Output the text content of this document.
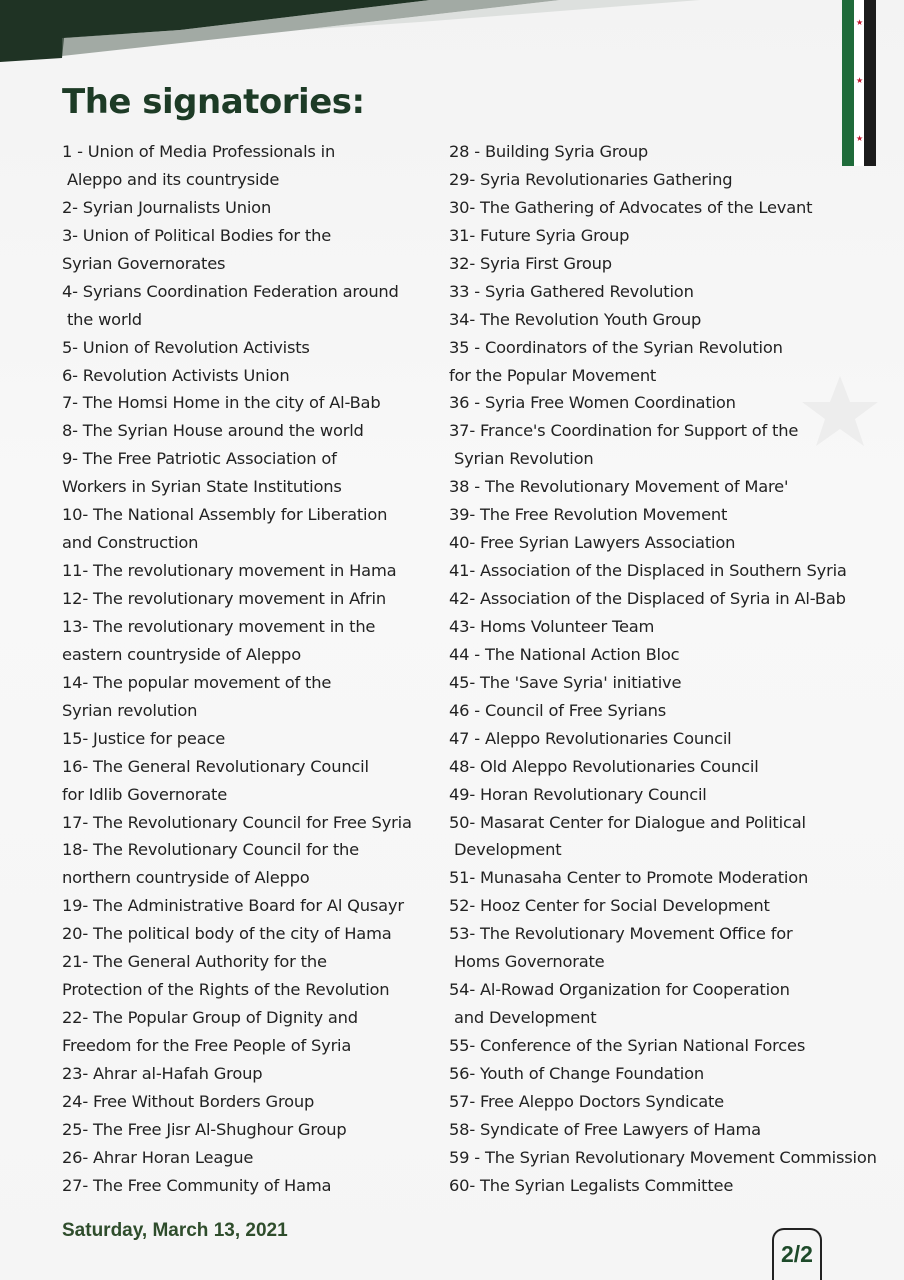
★
★
★
The signatories:
1 - Union of Media Professionals in
Aleppo and its countryside
2- Syrian Journalists Union
3- Union of Political Bodies for the
Syrian Governorates
4- Syrians Coordination Federation around
the world
5- Union of Revolution Activists
6- Revolution Activists Union
7- The Homsi Home in the city of Al-Bab
8- The Syrian House around the world
9- The Free Patriotic Association of
Workers in Syrian State Institutions
10- The National Assembly for Liberation
and Construction
11- The revolutionary movement in Hama
12- The revolutionary movement in Afrin
13- The revolutionary movement in the
eastern countryside of Aleppo
14- The popular movement of the
Syrian revolution
15- Justice for peace
16- The General Revolutionary Council
for Idlib Governorate
17- The Revolutionary Council for Free Syria
18- The Revolutionary Council for the
northern countryside of Aleppo
19- The Administrative Board for Al Qusayr
20- The political body of the city of Hama
21- The General Authority for the
Protection of the Rights of the Revolution
22- The Popular Group of Dignity and
Freedom for the Free People of Syria
23- Ahrar al-Hafah Group
24- Free Without Borders Group
25- The Free Jisr Al-Shughour Group
26- Ahrar Horan League
27- The Free Community of Hama
28 - Building Syria Group
29- Syria Revolutionaries Gathering
30- The Gathering of Advocates of the Levant
31- Future Syria Group
32- Syria First Group
33 - Syria Gathered Revolution
34- The Revolution Youth Group
35 - Coordinators of the Syrian Revolution
for the Popular Movement
36 - Syria Free Women Coordination
37- France's Coordination for Support of the
Syrian Revolution
38 - The Revolutionary Movement of Mare'
39- The Free Revolution Movement
40- Free Syrian Lawyers Association
41- Association of the Displaced in Southern Syria
42- Association of the Displaced of Syria in Al-Bab
43- Homs Volunteer Team
44 - The National Action Bloc
45- The 'Save Syria' initiative
46 - Council of Free Syrians
47 - Aleppo Revolutionaries Council
48- Old Aleppo Revolutionaries Council
49- Horan Revolutionary Council
50- Masarat Center for Dialogue and Political
Development
51- Munasaha Center to Promote Moderation
52- Hooz Center for Social Development
53- The Revolutionary Movement Office for
Homs Governorate
54- Al-Rowad Organization for Cooperation
and Development
55- Conference of the Syrian National Forces
56- Youth of Change Foundation
57- Free Aleppo Doctors Syndicate
58- Syndicate of Free Lawyers of Hama
59 - The Syrian Revolutionary Movement Commission
60- The Syrian Legalists Committee
Saturday, March 13, 2021
2/2
